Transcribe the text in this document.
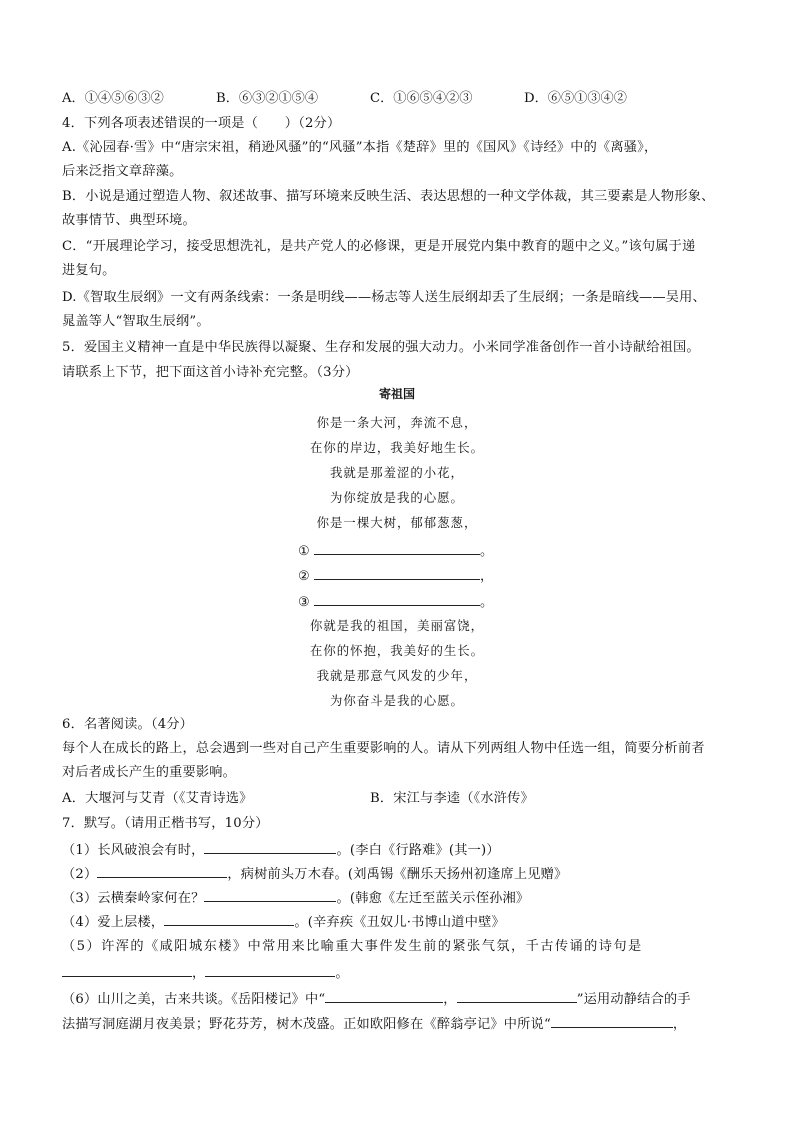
A．①④⑤⑥③②	B．⑥③②①⑤④	C．①⑥⑤④②③	D．⑥⑤①③④②
4．下列各项表述错误的一项是（　　）（2分）
A.《沁园春·雪》中“唐宗宋祖，稍逊风骚”的“风骚”本指《楚辞》里的《国风》《诗经》中的《离骚》，
后来泛指文章辞藻。
B．小说是通过塑造人物、叙述故事、描写环境来反映生活、表达思想的一种文学体裁，其三要素是人物形象、
故事情节、典型环境。
C．“开展理论学习，接受思想洗礼，是共产党人的必修课，更是开展党内集中教育的题中之义。”该句属于递
进复句。
D.《智取生辰纲》一文有两条线索：一条是明线——杨志等人送生辰纲却丢了生辰纲；一条是暗线——吴用、
晁盖等人“智取生辰纲”。
5．爱国主义精神一直是中华民族得以凝聚、生存和发展的强大动力。小米同学准备创作一首小诗献给祖国。
请联系上下节，把下面这首小诗补充完整。（3分）
寄祖国
你是一条大河，奔流不息，
在你的岸边，我美好地生长。
我就是那羞涩的小花，
为你绽放是我的心愿。
你是一棵大树，郁郁葱葱，
①	。
②	，
③	。
你就是我的祖国，美丽富饶，
在你的怀抱，我美好的生长。
我就是那意气风发的少年，
为你奋斗是我的心愿。
6．名著阅读。（4分）
每个人在成长的路上，总会遇到一些对自己产生重要影响的人。请从下列两组人物中任选一组，简要分析前者
对后者成长产生的重要影响。
A．大堰河与艾青（《艾青诗选》	B．宋江与李逵（《水浒传》
7．默写。（请用正楷书写，10分）
（1）长风破浪会有时，	。(李白《行路难》(其一)）
（2）	，病树前头万木春。(刘禹锡《酬乐天扬州初逢席上见赠》
（3）云横秦岭家何在？	。(韩愈《左迁至蓝关示侄孙湘》
（4）爱上层楼，	。(辛弃疾《丑奴儿·书博山道中壁》
（5）许浑的《咸阳城东楼》中常用来比喻重大事件发生前的紧张气氛，千古传诵的诗句是
，	。
（6）山川之美，古来共谈。《岳阳楼记》中“	，	”运用动静结合的手
法描写洞庭湖月夜美景；野花芬芳，树木茂盛。正如欧阳修在《醉翁亭记》中所说“	，
